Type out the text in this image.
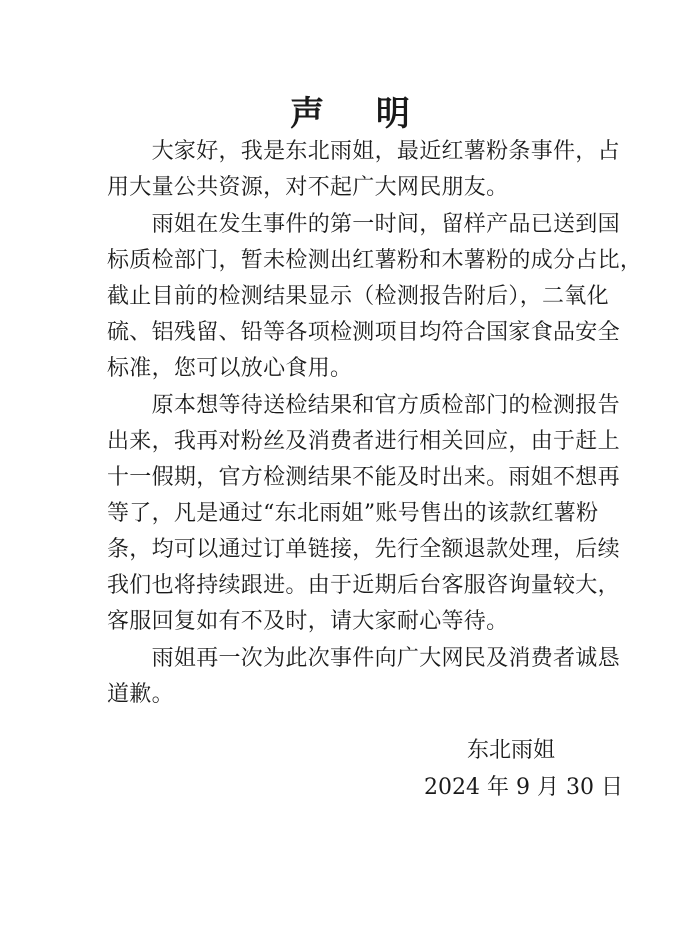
声 明
　　大家好，我是东北雨姐，最近红薯粉条事件，占
用大量公共资源，对不起广大网民朋友。
　　雨姐在发生事件的第一时间，留样产品已送到国
标质检部门，暂未检测出红薯粉和木薯粉的成分占比，
截止目前的检测结果显示（检测报告附后），二氧化
硫、铝残留、铅等各项检测项目均符合国家食品安全
标准，您可以放心食用。
　　原本想等待送检结果和官方质检部门的检测报告
出来，我再对粉丝及消费者进行相关回应，由于赶上
十一假期，官方检测结果不能及时出来。雨姐不想再
等了，凡是通过“东北雨姐”账号售出的该款红薯粉
条，均可以通过订单链接，先行全额退款处理，后续
我们也将持续跟进。由于近期后台客服咨询量较大，
客服回复如有不及时，请大家耐心等待。
　　雨姐再一次为此次事件向广大网民及消费者诚恳
道歉。
东北雨姐
2024 年 9 月 30 日
